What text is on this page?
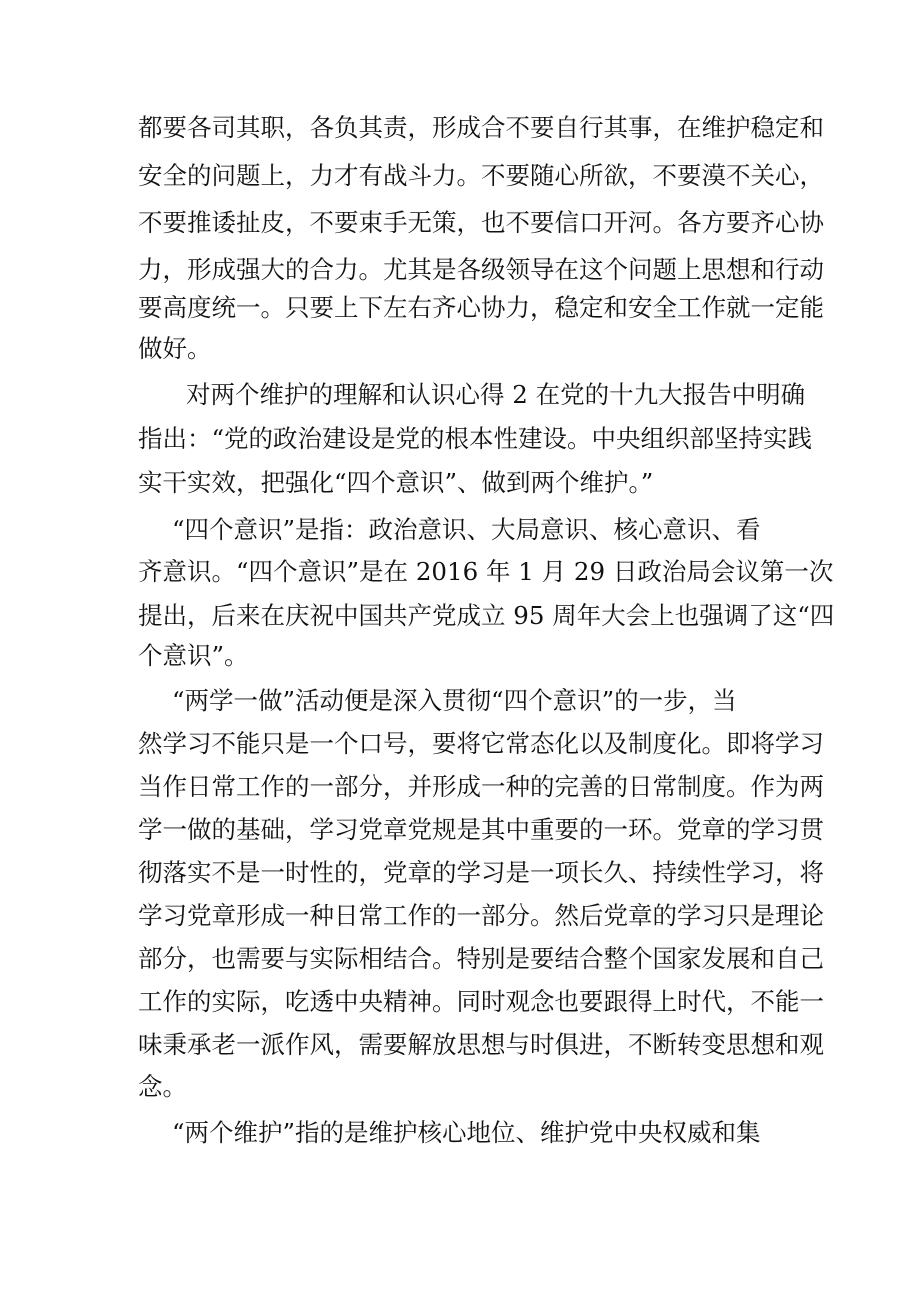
都要各司其职，各负其责，形成合不要自行其事，在维护稳定和
安全的问题上，力才有战斗力。不要随心所欲，不要漠不关心，
不要推诿扯皮，不要束手无策，也不要信口开河。各方要齐心协
力，形成强大的合力。尤其是各级领导在这个问题上思想和行动
要高度统一。只要上下左右齐心协力，稳定和安全工作就一定能
做好。
对两个维护的理解和认识心得 2 在党的十九大报告中明确
指出：“党的政治建设是党的根本性建设。中央组织部坚持实践
实干实效，把强化“四个意识”、做到两个维护。”
“四个意识”是指：政治意识、大局意识、核心意识、看
齐意识。“四个意识”是在 2016 年 1 月 29 日政治局会议第一次
提出，后来在庆祝中国共产党成立 95 周年大会上也强调了这“四
个意识”。
“两学一做”活动便是深入贯彻“四个意识”的一步，当
然学习不能只是一个口号，要将它常态化以及制度化。即将学习
当作日常工作的一部分，并形成一种的完善的日常制度。作为两
学一做的基础，学习党章党规是其中重要的一环。党章的学习贯
彻落实不是一时性的，党章的学习是一项长久、持续性学习，将
学习党章形成一种日常工作的一部分。然后党章的学习只是理论
部分，也需要与实际相结合。特别是要结合整个国家发展和自己
工作的实际，吃透中央精神。同时观念也要跟得上时代，不能一
味秉承老一派作风，需要解放思想与时俱进，不断转变思想和观
念。
“两个维护”指的是维护核心地位、维护党中央权威和集
